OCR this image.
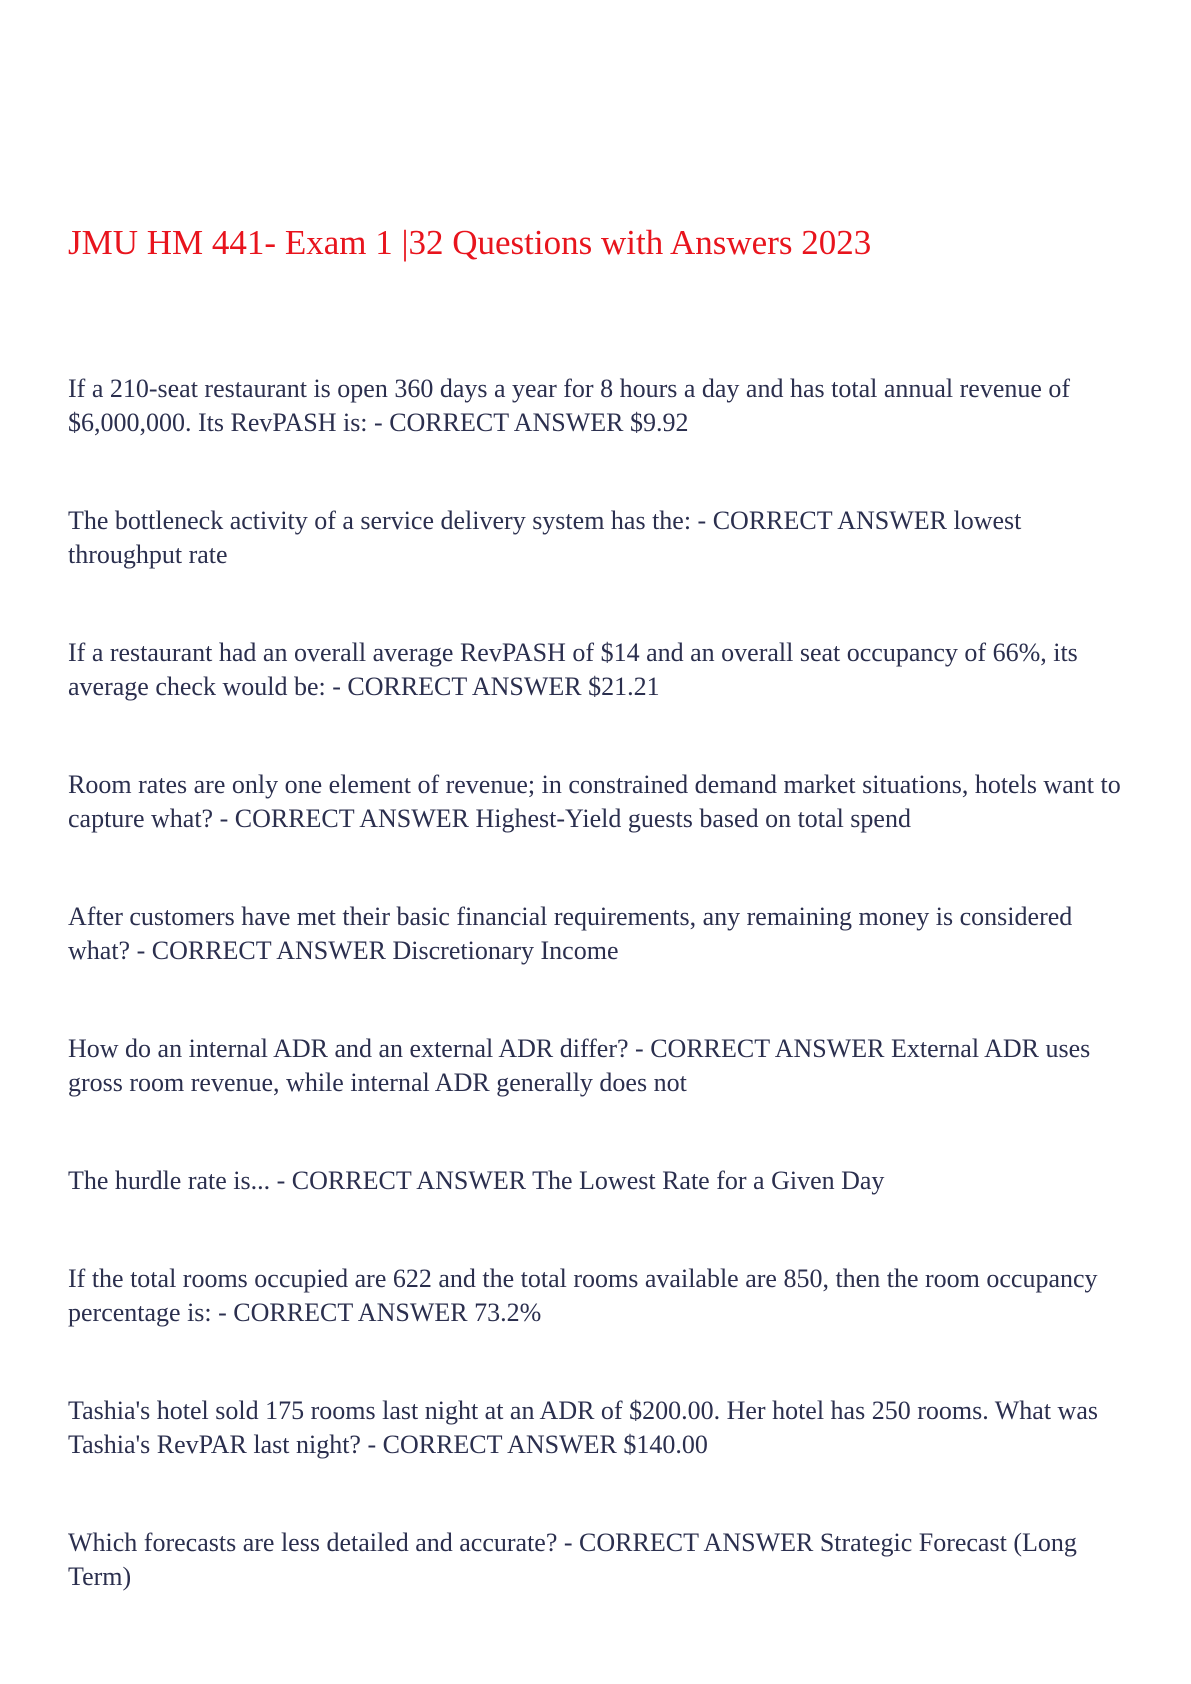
JMU HM 441- Exam 1 |32 Questions with Answers 2023
If a 210-seat restaurant is open 360 days a year for 8 hours a day and has total annual revenue of $6,000,000. Its RevPASH is: - CORRECT ANSWER $9.92
The bottleneck activity of a service delivery system has the: - CORRECT ANSWER lowest throughput rate
If a restaurant had an overall average RevPASH of $14 and an overall seat occupancy of 66%, its average check would be: - CORRECT ANSWER $21.21
Room rates are only one element of revenue; in constrained demand market situations, hotels want to capture what? - CORRECT ANSWER Highest-Yield guests based on total spend
After customers have met their basic financial requirements, any remaining money is considered what? - CORRECT ANSWER Discretionary Income
How do an internal ADR and an external ADR differ? - CORRECT ANSWER External ADR uses gross room revenue, while internal ADR generally does not
The hurdle rate is... - CORRECT ANSWER The Lowest Rate for a Given Day
If the total rooms occupied are 622 and the total rooms available are 850, then the room occupancy percentage is: - CORRECT ANSWER 73.2%
Tashia's hotel sold 175 rooms last night at an ADR of $200.00. Her hotel has 250 rooms. What was Tashia's RevPAR last night? - CORRECT ANSWER $140.00
Which forecasts are less detailed and accurate? - CORRECT ANSWER Strategic Forecast (Long Term)
